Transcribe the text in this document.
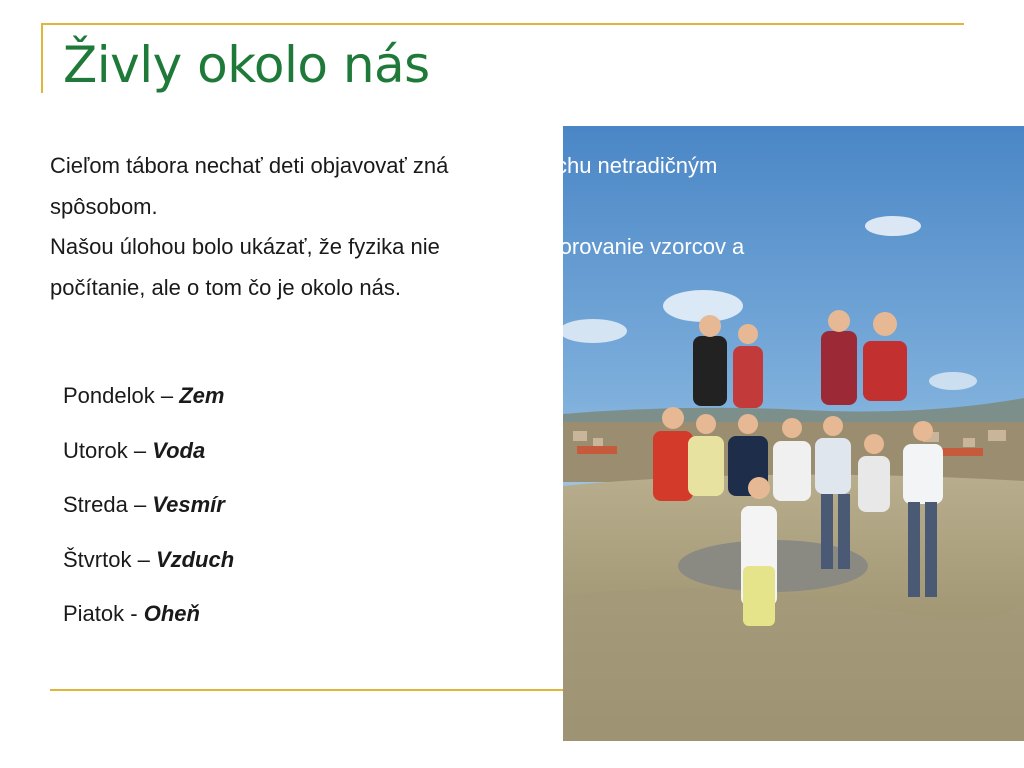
Živly okolo nás

Cieľom tábora nechať deti objavovať známe veci trochu netradičným

spôsobom.

Našou úlohou bolo ukázať, že fyzika nie  je len memorovanie vzorcov a

počítanie, ale o tom čo je okolo nás.

Pondelok – Zem
Utorok – Voda
Streda – Vesmír
Štvrtok – Vzduch
Piatok - Oheň
